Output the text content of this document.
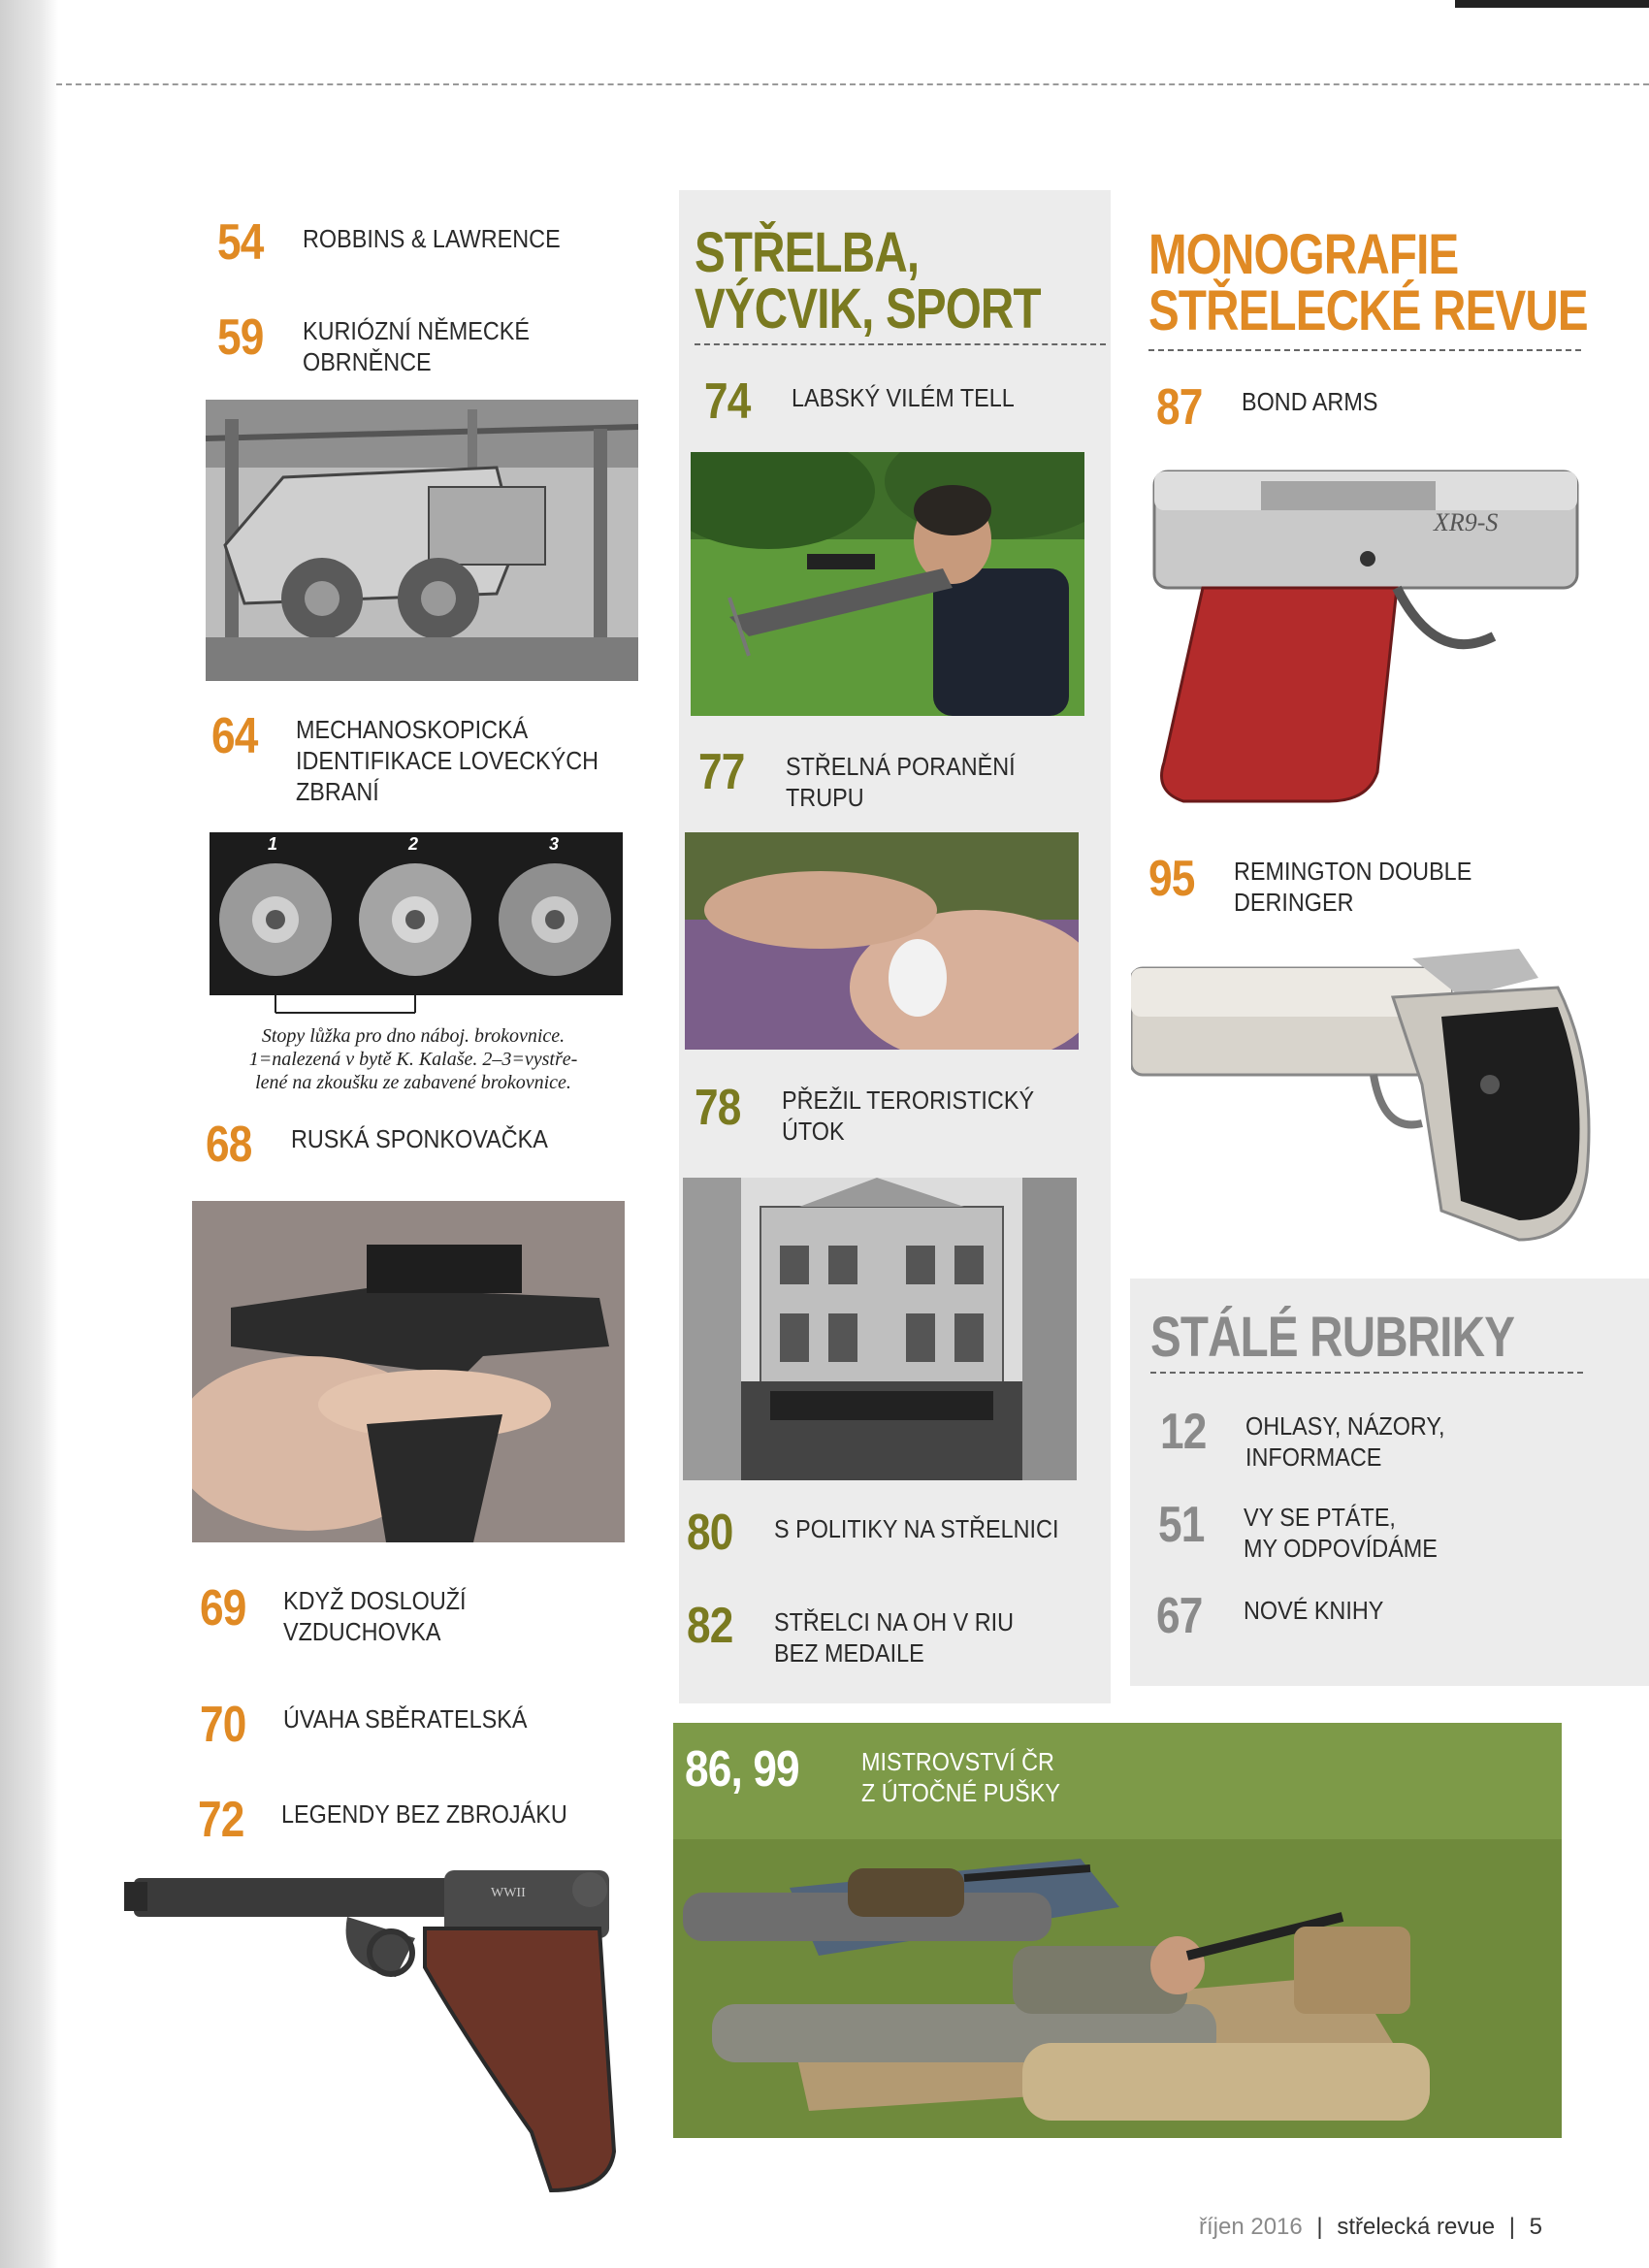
54 ROBBINS & LAWRENCE
59 KURIÓZNÍ NĚMECKÉ
OBRNĚNCE
64 MECHANOSKOPICKÁ
IDENTIFIKACE LOVECKÝCH
ZBRANÍ
1	2	3
Stopy lůžka pro dno náboj. brokovnice.
1=nalezená v bytě K. Kalaše. 2–3=vystře-
lené na zkoušku ze zabavené brokovnice.
68 RUSKÁ SPONKOVAČKA
69 KDYŽ DOSLOUŽÍ
VZDUCHOVKA
70 ÚVAHA SBĚRATELSKÁ
72 LEGENDY BEZ ZBROJÁKU
WWII
STŘELBA,
VÝCVIK, SPORT
74 LABSKÝ VILÉM TELL
77 STŘELNÁ PORANĚNÍ
TRUPU
78 PŘEŽIL TERORISTICKÝ
ÚTOK
80 S POLITIKY NA STŘELNICI
82 STŘELCI NA OH V RIU
BEZ MEDAILE
MONOGRAFIE
STŘELECKÉ REVUE
87 BOND ARMS
XR9-S
95 REMINGTON DOUBLE
DERINGER
STÁLÉ RUBRIKY
12 OHLASY, NÁZORY,
INFORMACE
51 VY SE PTÁTE,
MY ODPOVÍDÁME
67 NOVÉ KNIHY
86, 99 MISTROVSTVÍ ČR
Z ÚTOČNÉ PUŠKY
říjen 2016 | střelecká revue | 5
